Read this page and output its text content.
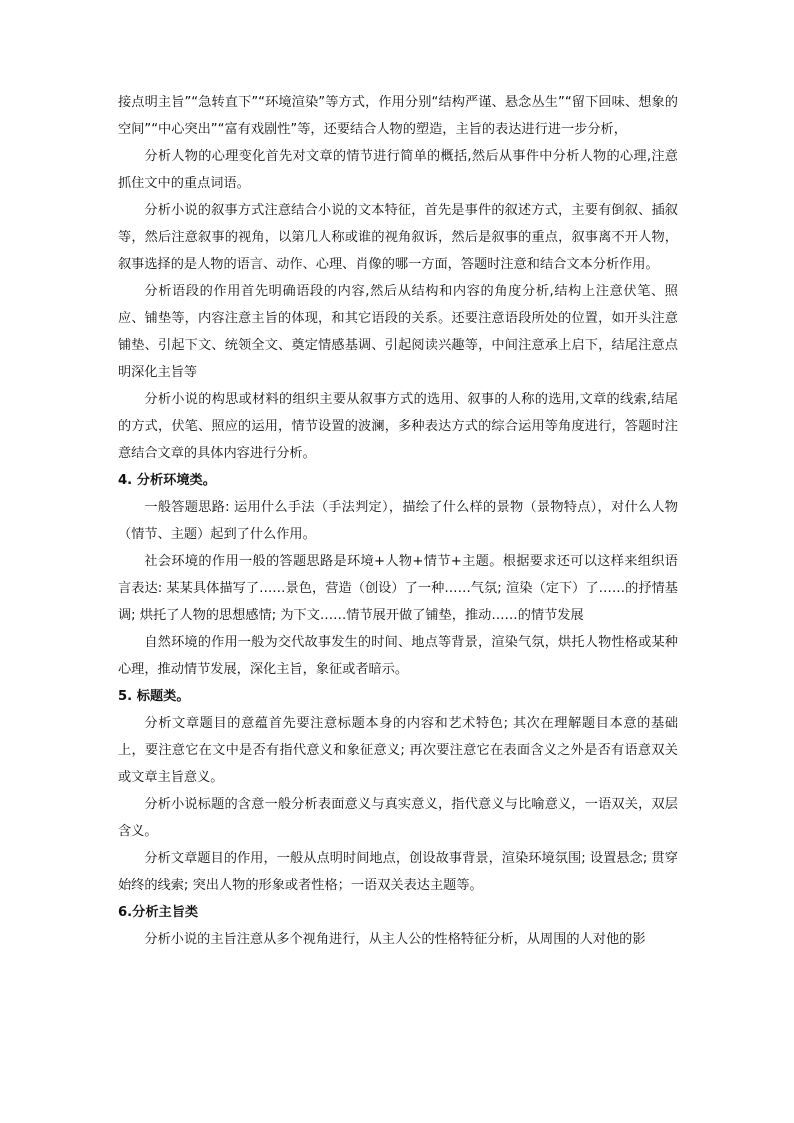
接点明主旨”“急转直下”“环境渲染”等方式，作用分别“结构严谨、悬念丛生”“留下回味、想象的空间”“中心突出”“富有戏剧性”等，还要结合人物的塑造，主旨的表达进行进一步分析，

分析人物的心理变化首先对文章的情节进行简单的概括,然后从事件中分析人物的心理,注意抓住文中的重点词语。

分析小说的叙事方式注意结合小说的文本特征，首先是事件的叙述方式，主要有倒叙、插叙等，然后注意叙事的视角，以第几人称或谁的视角叙诉，然后是叙事的重点，叙事离不开人物，叙事选择的是人物的语言、动作、心理、肖像的哪一方面，答题时注意和结合文本分析作用。

分析语段的作用首先明确语段的内容,然后从结构和内容的角度分析,结构上注意伏笔、照应、铺垫等，内容注意主旨的体现，和其它语段的关系。还要注意语段所处的位置，如开头注意铺垫、引起下文、统领全文、奠定情感基调、引起阅读兴趣等，中间注意承上启下，结尾注意点明深化主旨等

分析小说的构思或材料的组织主要从叙事方式的选用、叙事的人称的选用,文章的线索,结尾的方式，伏笔、照应的运用，情节设置的波澜，多种表达方式的综合运用等角度进行，答题时注意结合文章的具体内容进行分析。

4. 分析环境类。

一般答题思路: 运用什么手法（手法判定），描绘了什么样的景物（景物特点），对什么人物（情节、主题）起到了什么作用。

社会环境的作用一般的答题思路是环境+人物+情节+主题。根据要求还可以这样来组织语言表达: 某某具体描写了……景色，营造（创设）了一种……气氛; 渲染（定下）了……的抒情基调; 烘托了人物的思想感情; 为下文……情节展开做了铺垫，推动……的情节发展

自然环境的作用一般为交代故事发生的时间、地点等背景，渲染气氛，烘托人物性格或某种心理，推动情节发展，深化主旨，象征或者暗示。

5. 标题类。

分析文章题目的意蕴首先要注意标题本身的内容和艺术特色; 其次在理解题目本意的基础上，要注意它在文中是否有指代意义和象征意义; 再次要注意它在表面含义之外是否有语意双关或文章主旨意义。

分析小说标题的含意一般分析表面意义与真实意义，指代意义与比喻意义，一语双关，双层含义。

分析文章题目的作用，一般从点明时间地点，创设故事背景，渲染环境氛围; 设置悬念; 贯穿始终的线索; 突出人物的形象或者性格；一语双关表达主题等。

6.分析主旨类

分析小说的主旨注意从多个视角进行，从主人公的性格特征分析，从周围的人对他的影
